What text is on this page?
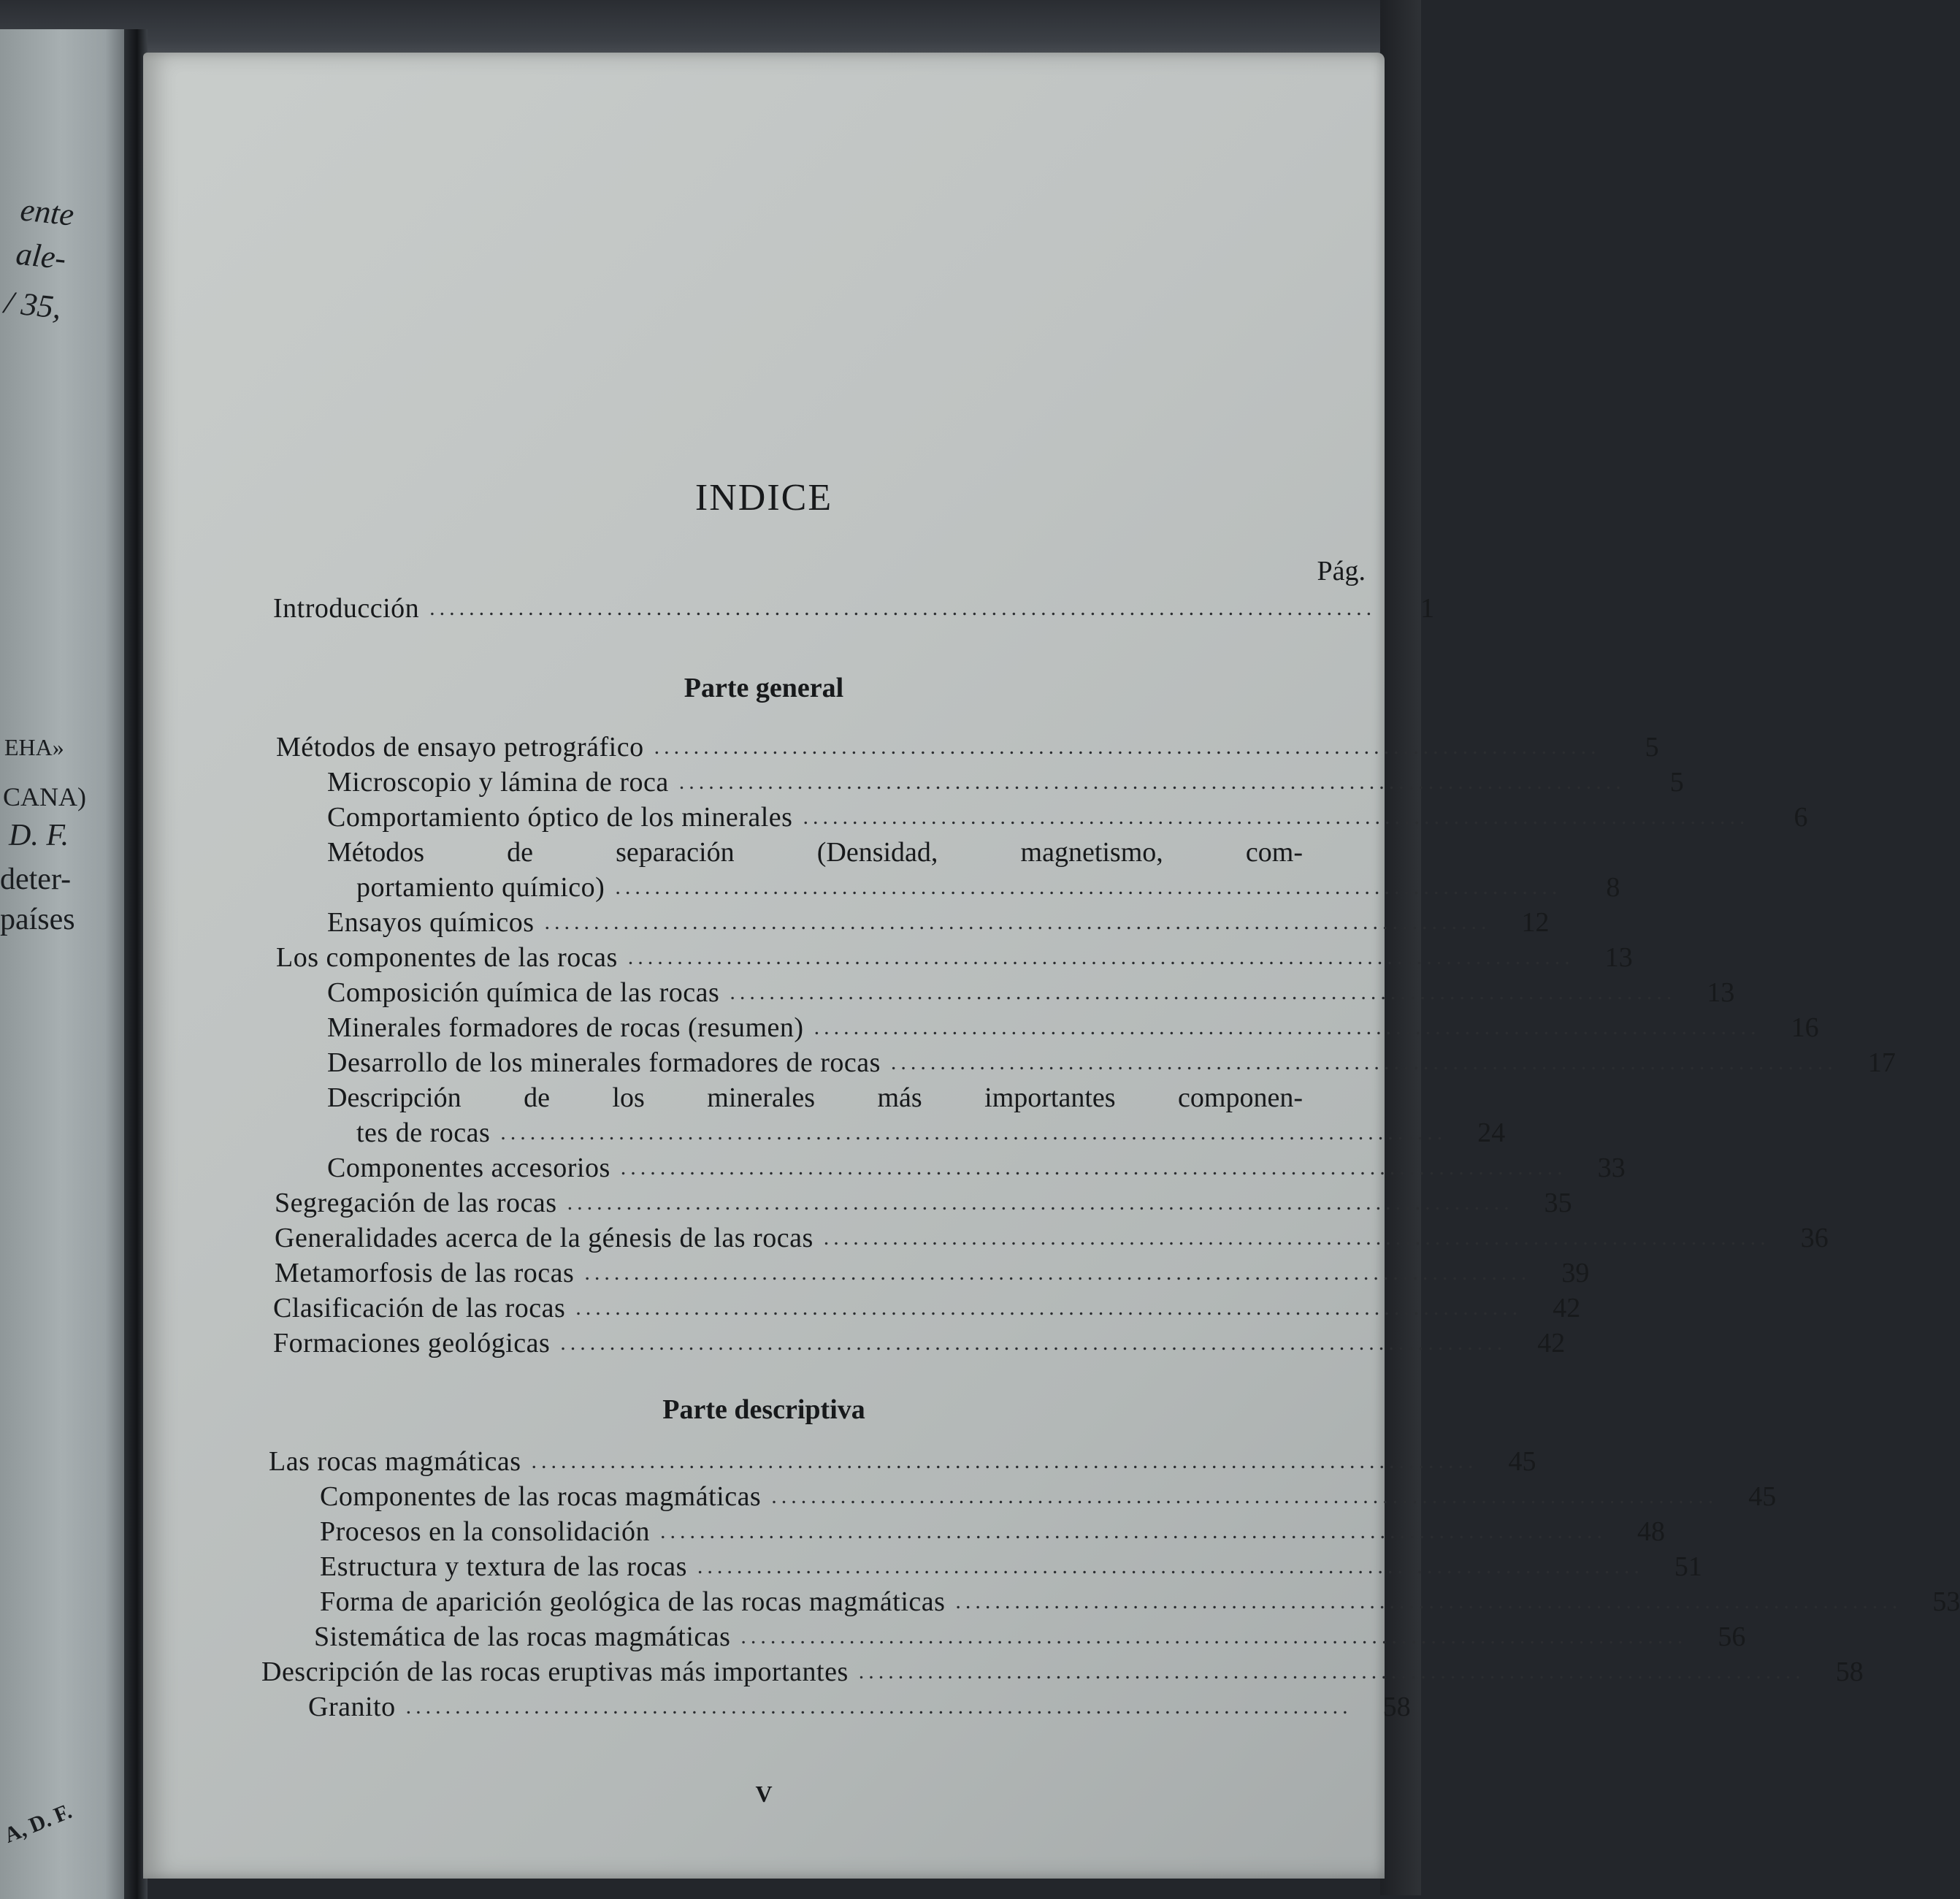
ente
ale-
/ 35,
EHA»
CANA)
D. F.
deter-
países
A, D. F.
INDICE

Pág.

Introducción ................................................................................................	1
Parte general
Métodos de ensayo petrográfico ................................................................................................	5
Microscopio y lámina de roca ................................................................................................	5
Comportamiento óptico de los minerales ................................................................................................	6
Métodos de separación (Densidad, magnetismo, com-
portamiento químico) ................................................................................................	8
Ensayos químicos ................................................................................................	12
Los componentes de las rocas ................................................................................................	13
Composición química de las rocas ................................................................................................	13
Minerales formadores de rocas (resumen) ................................................................................................	16
Desarrollo de los minerales formadores de rocas ................................................................................................	17
Descripción de los minerales más importantes componen-
tes de rocas ................................................................................................	24
Componentes accesorios ................................................................................................	33
Segregación de las rocas ................................................................................................	35
Generalidades acerca de la génesis de las rocas ................................................................................................	36
Metamorfosis de las rocas ................................................................................................	39
Clasificación de las rocas ................................................................................................	42
Formaciones geológicas ................................................................................................	42
Parte descriptiva
Las rocas magmáticas ................................................................................................	45
Componentes de las rocas magmáticas ................................................................................................	45
Procesos en la consolidación ................................................................................................	48
Estructura y textura de las rocas ................................................................................................	51
Forma de aparición geológica de las rocas magmáticas ................................................................................................	53
Sistemática de las rocas magmáticas ................................................................................................	56
Descripción de las rocas eruptivas más importantes ................................................................................................	58
Granito ................................................................................................	58

V
